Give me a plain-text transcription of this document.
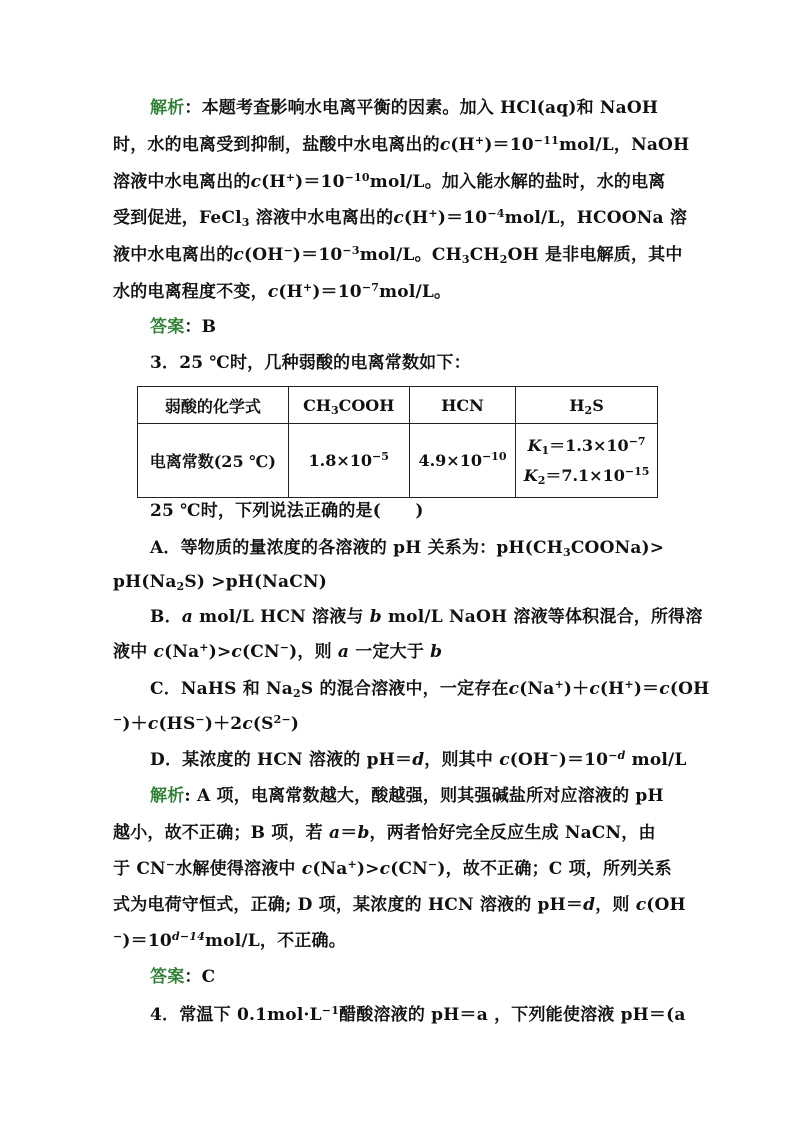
解析：本题考查影响水电离平衡的因素。加入 HCl(aq)和 NaOH
时，水的电离受到抑制，盐酸中水电离出的$c(H^+)=10^{-11}mol/L$，NaOH
溶液中水电离出的$c(H^+)=10^{-10}mol/L$。加入能水解的盐时，水的电离
受到促进，FeCl$_3$ 溶液中水电离出的$c(H^+)=10^{-4}mol/L$，HCOONa 溶
液中水电离出的$c(OH^-)=10^{-3}mol/L$。$CH_3CH_2OH$ 是非电解质，其中
水的电离程度不变，$c(H^+)=10^{-7}mol/L$。
答案：B
3．25 ℃时，几种弱酸的电离常数如下：
弱酸的化学式	$CH_3COOH$	HCN	$H_2S$
电离常数(25 ℃)	$1.8\times 10^{-5}$	$4.9\times 10^{-10}$	$K_1=1.3\times 10^{-7}$
$K_2=7.1\times 10^{-15}$
25 ℃时，下列说法正确的是(　　)
A．等物质的量浓度的各溶液的 pH 关系为：$pH(CH_3COONa)>$
$pH(Na_2S)$ >pH(NaCN)
B．a mol/L HCN 溶液与 b mol/L NaOH 溶液等体积混合，所得溶
液中 c(Na+)>c(CN−)，则 a 一定大于 b
C．NaHS 和 $Na_2S$ 的混合溶液中，一定存在c(Na+)＋c(H+)＝c(OH
$^-)+c(HS^-)+2c(S^{2-})$
D．某浓度的 HCN 溶液的 pH＝d，则其中 $c(OH^-)=10^{-d}$ mol/L
解析: A 项，电离常数越大，酸越强，则其强碱盐所对应溶液的 pH
越小，故不正确；B 项，若 a＝b，两者恰好完全反应生成 NaCN，由
于 CN−水解使得溶液中 c(Na+)>c(CN−)，故不正确；C 项，所列关系
式为电荷守恒式，正确; D 项，某浓度的 HCN 溶液的 pH＝d，则 c(OH
$^-)=10^{d-14}mol/L$，不正确。
答案：C
4．常温下 $0.1mol\cdot L^{-1}$醋酸溶液的 pH＝a ，下列能使溶液 pH＝(a
